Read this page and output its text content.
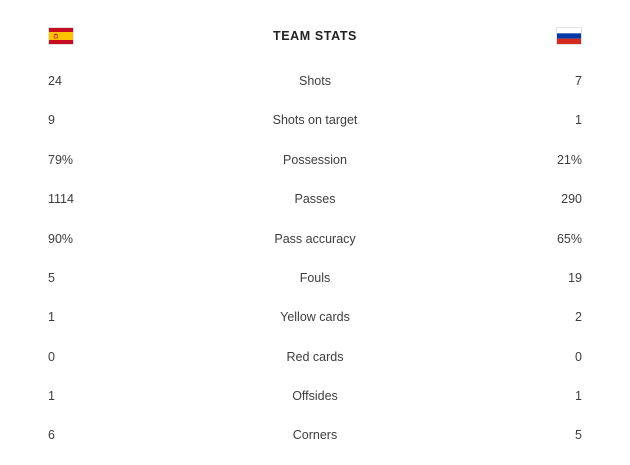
TEAM STATS
24	Shots	7
9	Shots on target	1
79%	Possession	21%
1114	Passes	290
90%	Pass accuracy	65%
5	Fouls	19
1	Yellow cards	2
0	Red cards	0
1	Offsides	1
6	Corners	5
